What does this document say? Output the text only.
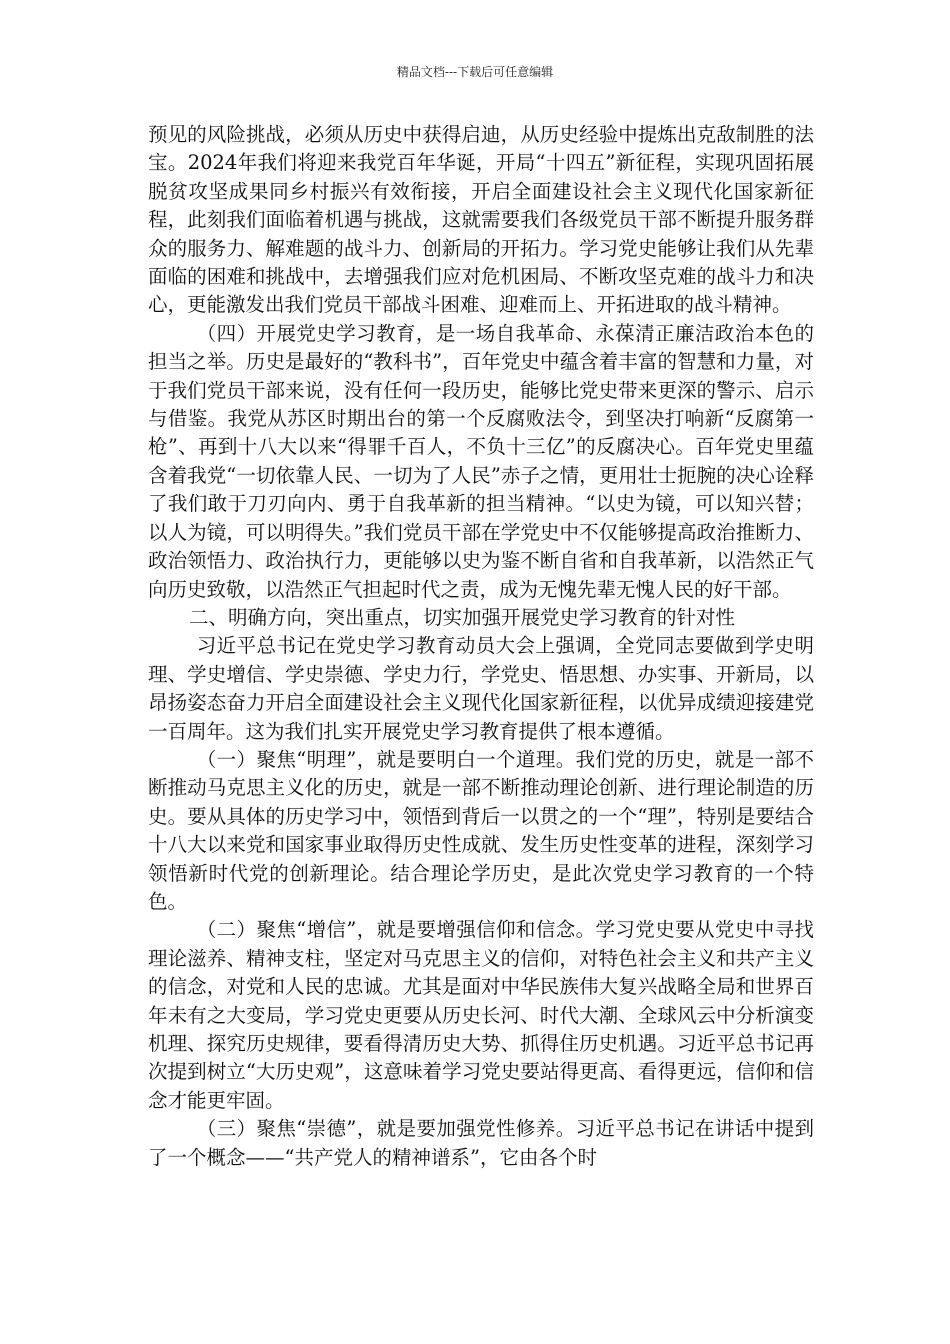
精品文档---下载后可任意编辑

预见的风险挑战，必须从历史中获得启迪，从历史经验中提炼出克敌制胜的法宝。2024年我们将迎来我党百年华诞，开局“十四五”新征程，实现巩固拓展脱贫攻坚成果同乡村振兴有效衔接，开启全面建设社会主义现代化国家新征程，此刻我们面临着机遇与挑战，这就需要我们各级党员干部不断提升服务群众的服务力、解难题的战斗力、创新局的开拓力。学习党史能够让我们从先辈面临的困难和挑战中，去增强我们应对危机困局、不断攻坚克难的战斗力和决心，更能激发出我们党员干部战斗困难、迎难而上、开拓进取的战斗精神。

（四）开展党史学习教育，是一场自我革命、永葆清正廉洁政治本色的担当之举。历史是最好的“教科书”，百年党史中蕴含着丰富的智慧和力量，对于我们党员干部来说，没有任何一段历史，能够比党史带来更深的警示、启示与借鉴。我党从苏区时期出台的第一个反腐败法令，到坚决打响新“反腐第一枪”、再到十八大以来“得罪千百人，不负十三亿”的反腐决心。百年党史里蕴含着我党“一切依靠人民、一切为了人民”赤子之情，更用壮士扼腕的决心诠释了我们敢于刀刃向内、勇于自我革新的担当精神。“以史为镜，可以知兴替；以人为镜，可以明得失。”我们党员干部在学党史中不仅能够提高政治推断力、政治领悟力、政治执行力，更能够以史为鉴不断自省和自我革新，以浩然正气向历史致敬，以浩然正气担起时代之责，成为无愧先辈无愧人民的好干部。

二、明确方向，突出重点，切实加强开展党史学习教育的针对性

习近平总书记在党史学习教育动员大会上强调，全党同志要做到学史明理、学史增信、学史崇德、学史力行，学党史、悟思想、办实事、开新局，以昂扬姿态奋力开启全面建设社会主义现代化国家新征程，以优异成绩迎接建党一百周年。这为我们扎实开展党史学习教育提供了根本遵循。

（一）聚焦“明理”，就是要明白一个道理。我们党的历史，就是一部不断推动马克思主义化的历史，就是一部不断推动理论创新、进行理论制造的历史。要从具体的历史学习中，领悟到背后一以贯之的一个“理”，特别是要结合十八大以来党和国家事业取得历史性成就、发生历史性变革的进程，深刻学习领悟新时代党的创新理论。结合理论学历史，是此次党史学习教育的一个特色。

（二）聚焦“增信”，就是要增强信仰和信念。学习党史要从党史中寻找理论滋养、精神支柱，坚定对马克思主义的信仰，对特色社会主义和共产主义的信念，对党和人民的忠诚。尤其是面对中华民族伟大复兴战略全局和世界百年未有之大变局，学习党史更要从历史长河、时代大潮、全球风云中分析演变机理、探究历史规律，要看得清历史大势、抓得住历史机遇。习近平总书记再次提到树立“大历史观”，这意味着学习党史要站得更高、看得更远，信仰和信念才能更牢固。

（三）聚焦“崇德”，就是要加强党性修养。习近平总书记在讲话中提到了一个概念——“共产党人的精神谱系”，它由各个时
